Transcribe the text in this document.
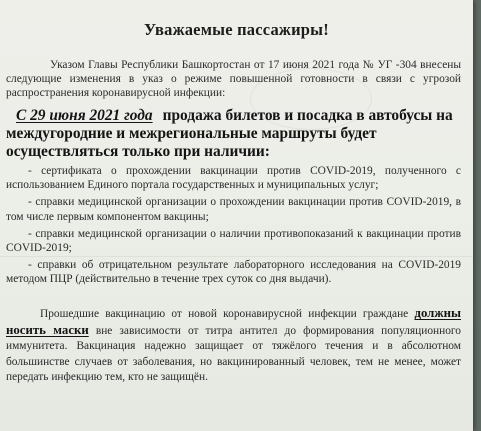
Уважаемые пассажиры!

Указом Главы Республики Башкортостан от 17 июня 2021 года № УГ -304 внесены следующие изменения в указ о режиме повышенной готовности в связи с угрозой распространения коронавирусной инфекции:

С 29 июня 2021 года продажа билетов и посадка в автобусы на междугородние и межрегиональные маршруты будет осуществляться только при наличии:

- сертификата о прохождении вакцинации против COVID-2019, полученного с использованием Единого портала государственных и муниципальных услуг;
- справки медицинской организации о прохождении вакцинации против COVID-2019, в том числе первым компонентом вакцины;
- справки медицинской организации о наличии противопоказаний к вакцинации против COVID-2019;
- справки об отрицательном результате лабораторного исследования на COVID-2019 методом ПЦР (действительно в течение трех суток со дня выдачи).

Прошедшие вакцинацию от новой коронавирусной инфекции граждане должны носить маски вне зависимости от титра антител до формирования популяционного иммунитета. Вакцинация надежно защищает от тяжёлого течения и в абсолютном большинстве случаев от заболевания, но вакцинированный человек, тем не менее, может передать инфекцию тем, кто не защищён.
